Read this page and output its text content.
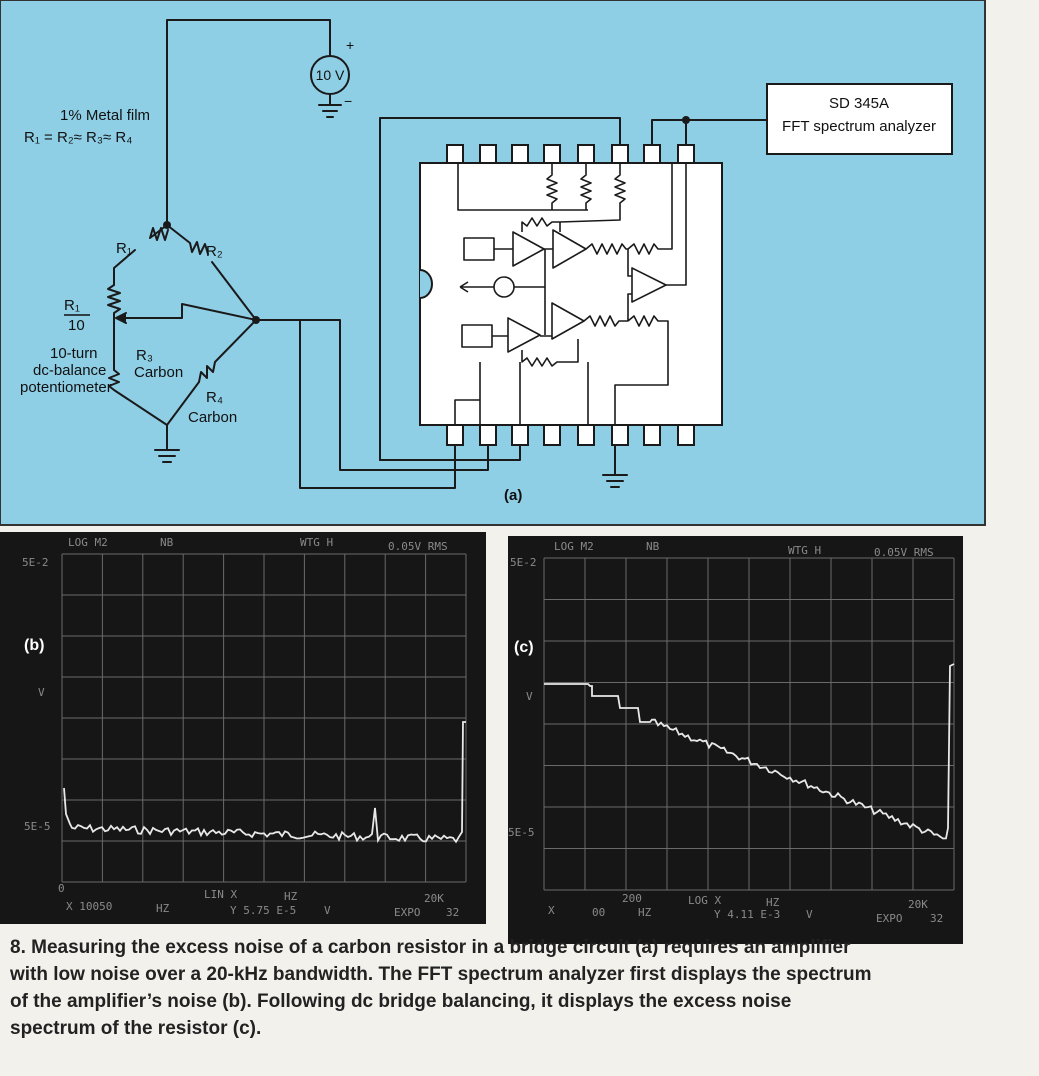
10 V
+
−
1% Metal film
R₁ = R₂≈ R₃≈ R₄
R₁	R₂
R₁
10
10-turn
dc-balance
potentiometer
R₃
Carbon
R₄
Carbon
SD 345A
FFT spectrum analyzer
(a)
LOG M2	NB	WTG H	0.05V RMS
5E-2
V
5E-5
0
X 10050	HZ
LIN X	HZ
Y 5.75 E-5	V
20K
EXPO 32
(b)
LOG M2	NB	WTG H	0.05V RMS
5E-2
V
5E-5
X	00
200
HZ
LOG X	HZ
Y 4.11 E-3 V
20K
EXPO	32
(c)
8. Measuring the excess noise of a carbon resistor in a bridge circuit (a) requires an amplifier
with low noise over a 20-kHz bandwidth. The FFT spectrum analyzer first displays the spectrum
of the amplifier’s noise (b). Following dc bridge balancing, it displays the excess noise
spectrum of the resistor (c).
